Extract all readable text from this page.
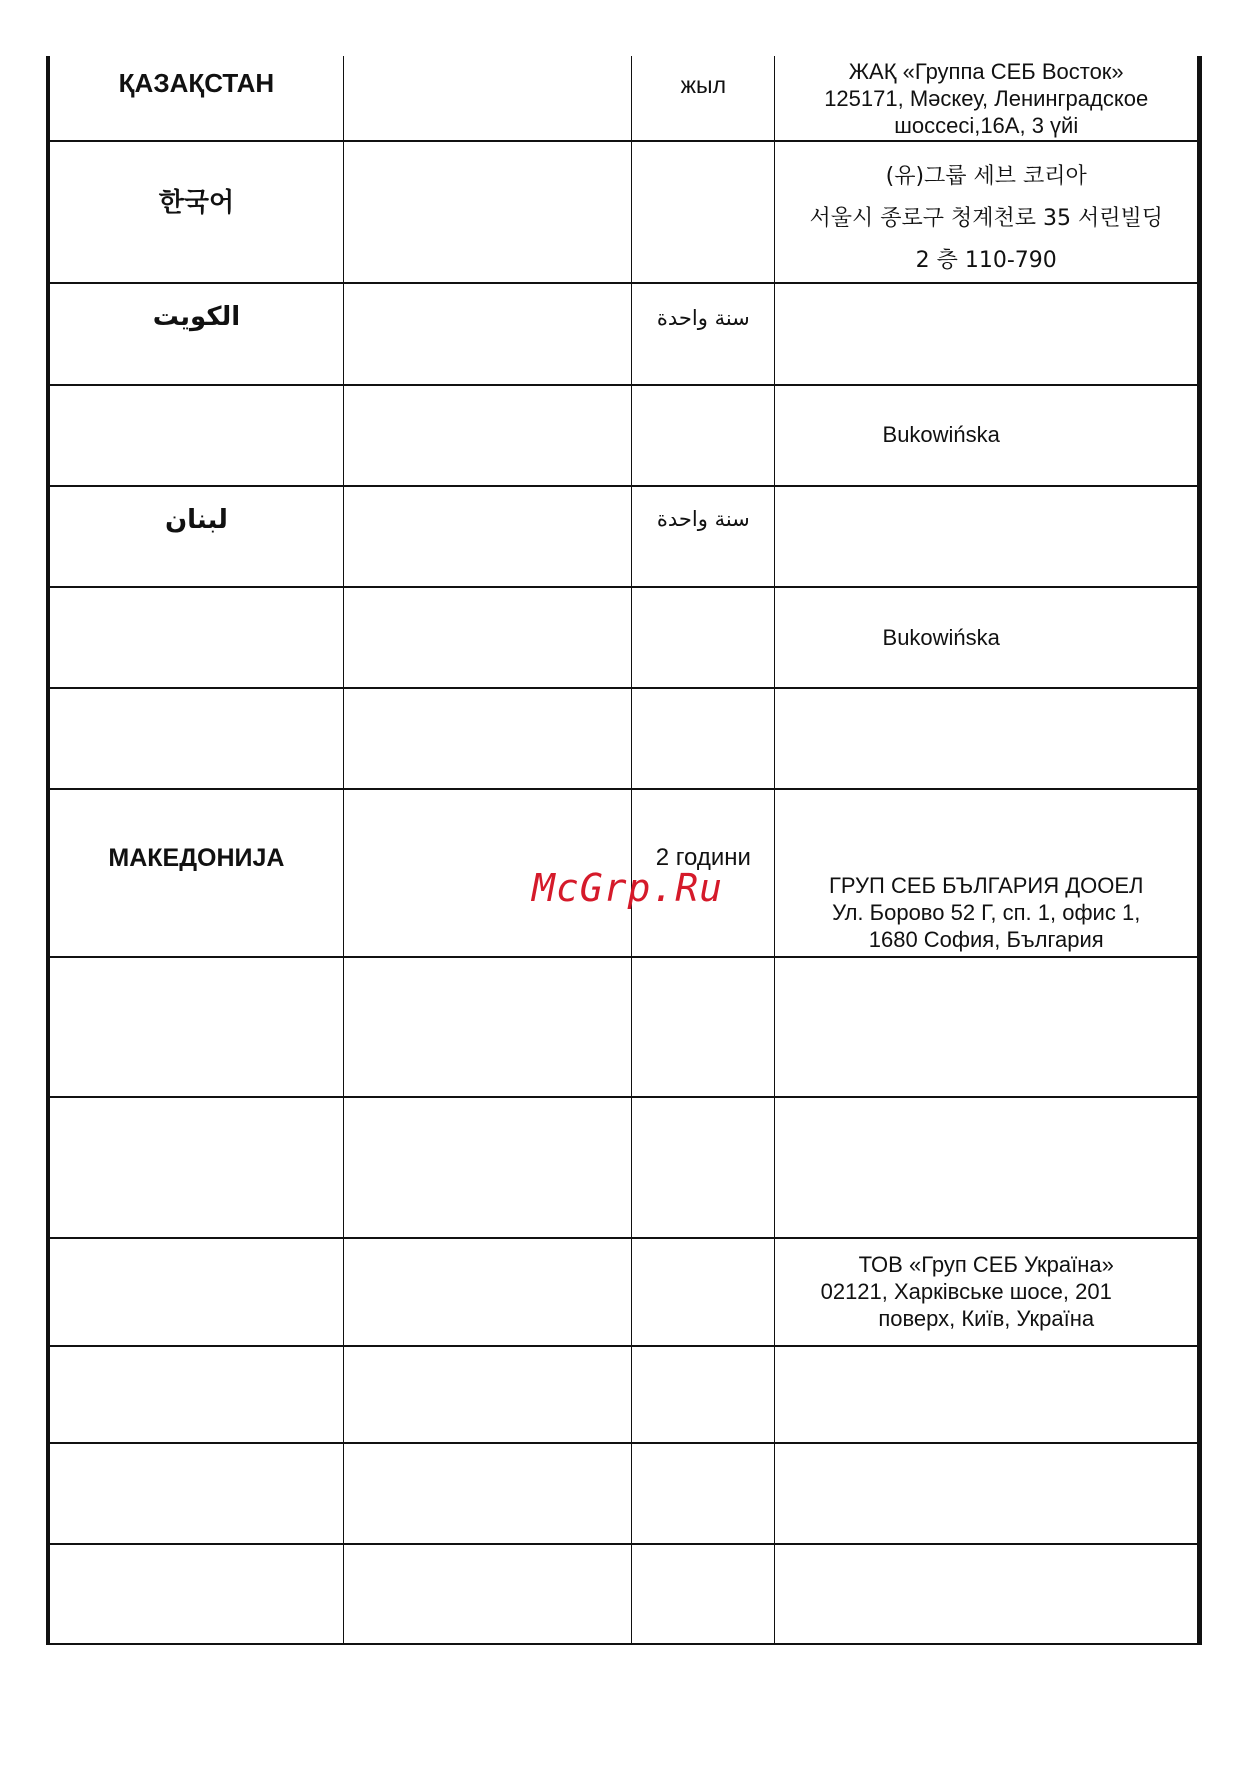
ҚАЗАҚСТАН		жыл	ЖАҚ «Группа СЕБ Восток»
125171, Мәскеу, Ленинградское
шоссесі,16А, 3 үйі

한국어			(유)그룹 세브 코리아
서울시 종로구 청계천로 35 서린빌딩
2 층 110-790

الكويت		سنة واحدة	

			Bukowińska

لبنان		سنة واحدة	

			Bukowińska

МАКЕДОНИЈА		2 години	ГРУП СЕБ БЪЛГАРИЯ ДООЕЛ
Ул. Борово 52 Г, сп. 1, офис 1,
1680 София, България

			ТОВ «Груп СЕБ Україна»
02121, Харківське шосе, 201
поверх, Київ, Україна

McGrp.Ru
